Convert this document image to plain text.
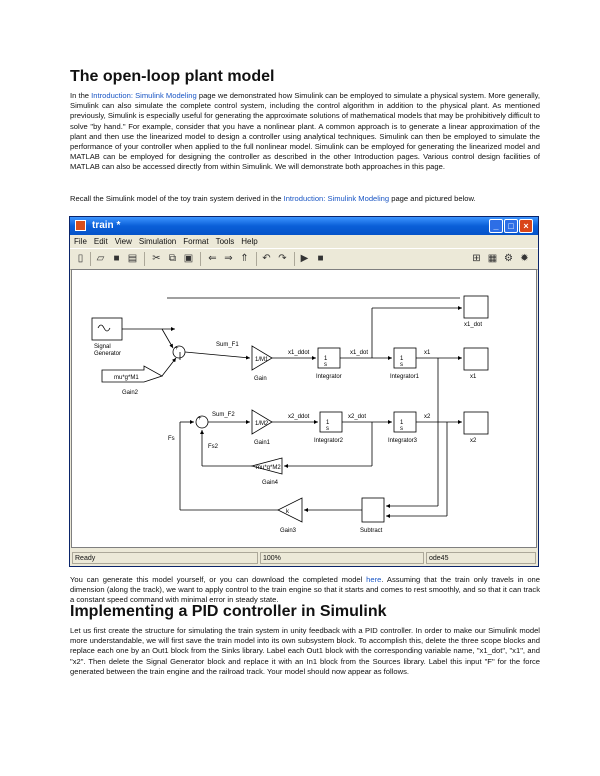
The open-loop plant model

In the Introduction: Simulink Modeling page we demonstrated how Simulink can be employed to simulate a physical system. More generally, Simulink can also simulate the complete control system, including the control algorithm in addition to the physical plant. As mentioned previously, Simulink is especially useful for generating the approximate solutions of mathematical models that may be prohibitively difficult to solve "by hand." For example, consider that you have a nonlinear plant. A common approach is to generate a linear approximation of the plant and then use the linearized model to design a controller using analytical techniques. Simulink can then be employed to simulate the performance of your controller when applied to the full nonlinear model. Simulink can be employed for generating the linearized model and MATLAB can be employed for designing the controller as described in the other Introduction pages. Various control design facilities of MATLAB can also be accessed directly from within Simulink. We will demonstrate both approaches in this page.

Recall the Simulink model of the toy train system derived in the Introduction: Simulink Modeling page and pictured below.

train *	_	□	×
File Edit View Simulation Format Tools Help
▯	▱ ■ ▤ ✂ ⧉ ▣ ⇐ ⇒ ⇑ ↶ ↷ ▶ ■	⊞ ▦ ⚙ ✹
Signal
Generator
mu*g*M1
Gain2
Sum_F1
1/M1
Gain
x1_ddot
Integrator
x1_dot
Integrator1
x1
x1_dot
x1
Fs
Sum_F2
1/M2
Gain1
x2_ddot
Integrator2
x2_dot
Integrator3
x2
x2
Fs2
mu*g*M2
Gain4
k
Gain3	Subtract
1
s
1
s
1
s
1
s
+
+
Ready	100%	ode45

You can generate this model yourself, or you can download the completed model here. Assuming that the train only travels in one dimension (along the track), we want to apply control to the train engine so that it starts and comes to rest smoothly, and so that it can track a constant speed command with minimal error in steady state.

Implementing a PID controller in Simulink

Let us first create the structure for simulating the train system in unity feedback with a PID controller. In order to make our Simulink model more understandable, we will first save the train model into its own subsystem block. To accomplish this, delete the three scope blocks and replace each one by an Out1 block from the Sinks library. Label each Out1 block with the corresponding variable name, "x1_dot", "x1", and "x2". Then delete the Signal Generator block and replace it with an In1 block from the Sources library. Label this input "F" for the force generated between the train engine and the railroad track. Your model should now appear as follows.
